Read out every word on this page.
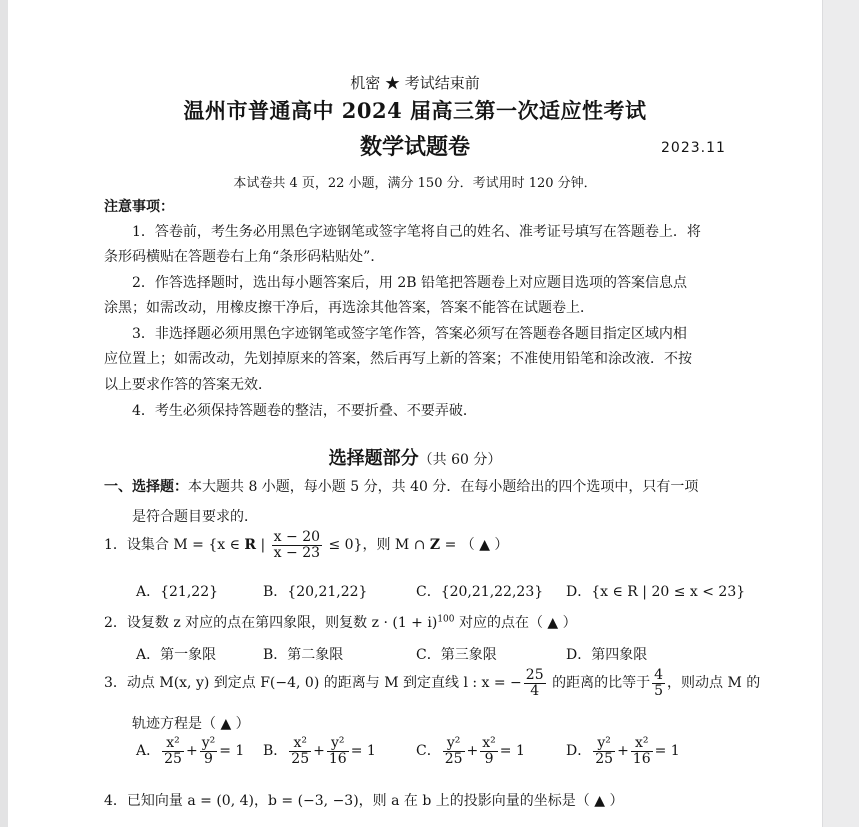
机密 ★ 考试结束前
温州市普通高中 2024 届高三第一次适应性考试
数学试题卷	2023.11
本试卷共 4 页，22 小题，满分 150 分．考试用时 120 分钟．
注意事项：
1．答卷前，考生务必用黑色字迹钢笔或签字笔将自己的姓名、准考证号填写在答题卷上．将
条形码横贴在答题卷右上角“条形码粘贴处”．
2．作答选择题时，选出每小题答案后，用 2B 铅笔把答题卷上对应题目选项的答案信息点
涂黑；如需改动，用橡皮擦干净后，再选涂其他答案，答案不能答在试题卷上．
3．非选择题必须用黑色字迹钢笔或签字笔作答，答案必须写在答题卷各题目指定区域内相
应位置上；如需改动，先划掉原来的答案，然后再写上新的答案；不准使用铅笔和涂改液．不按
以上要求作答的答案无效．
4．考生必须保持答题卷的整洁，不要折叠、不要弄破．
选择题部分（共 60 分）
一、选择题：本大题共 8 小题，每小题 5 分，共 40 分．在每小题给出的四个选项中，只有一项
是符合题目要求的．
1．设集合 M = {x ∈ R | $\frac{x - 20}{x - 23} \le 0$}，则 M ∩ Z = （ ▲ ）
A．{21,22}	B．{20,21,22}	C．{20,21,22,23} D．{x ∈ R | 20 ≤ x < 23}
2．设复数 z 对应的点在第四象限，则复数 $z \cdot (1 + i)^{100}$ 对应的点在（ ▲ ）
A．第一象限	B．第二象限	C．第三象限	D．第四象限
3．动点 M(x, y) 到定点 F(−4, 0) 的距离与 M 到定直线 l : x = − $\frac{25}{4}$ 的距离的比等于 $\frac{4}{5}$ ，则动点 M 的
轨迹方程是（ ▲ ）
A． $\frac{\text{x²}}{25} + \frac{\text{y²}}{9} = 1$ B． $\frac{\text{x²}}{25} + \frac{\text{y²}}{16} = 1$	C． $\frac{\text{y²}}{25} + \frac{\text{x²}}{9} = 1$	D． $\frac{\text{y²}}{25} + \frac{\text{x²}}{16} = 1$
4．已知向量 a = (0, 4)，b = (−3, −3)，则 a 在 b 上的投影向量的坐标是（ ▲ ）
